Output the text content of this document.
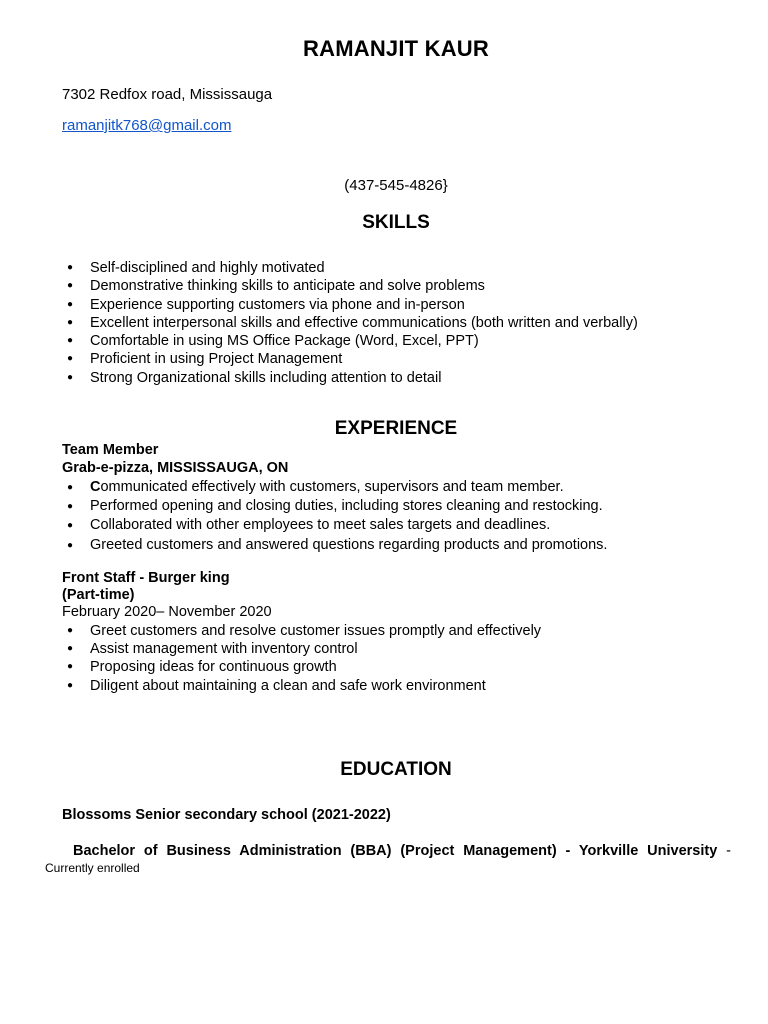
RAMANJIT KAUR
7302 Redfox road, Mississauga
ramanjitk768@gmail.com
(437-545-4826}
SKILLS
● Self-disciplined and highly motivated
● Demonstrative thinking skills to anticipate and solve problems
● Experience supporting customers via phone and in-person
● Excellent interpersonal skills and effective communications (both written and verbally)
● Comfortable in using MS Office Package (Word, Excel, PPT)
● Proficient in using Project Management
● Strong Organizational skills including attention to detail
EXPERIENCE
Team Member
Grab-e-pizza, MISSISSAUGA, ON
● Communicated effectively with customers, supervisors and team member.
● Performed opening and closing duties, including stores cleaning and restocking.
● Collaborated with other employees to meet sales targets and deadlines.
● Greeted customers and answered questions regarding products and promotions.
Front Staff - Burger king
(Part-time)
February 2020– November 2020
● Greet customers and resolve customer issues promptly and effectively
● Assist management with inventory control
● Proposing ideas for continuous growth
● Diligent about maintaining a clean and safe work environment
EDUCATION
Blossoms Senior secondary school (2021-2022)
Bachelor of Business Administration (BBA) (Project Management) - Yorkville University -
Currently enrolled
